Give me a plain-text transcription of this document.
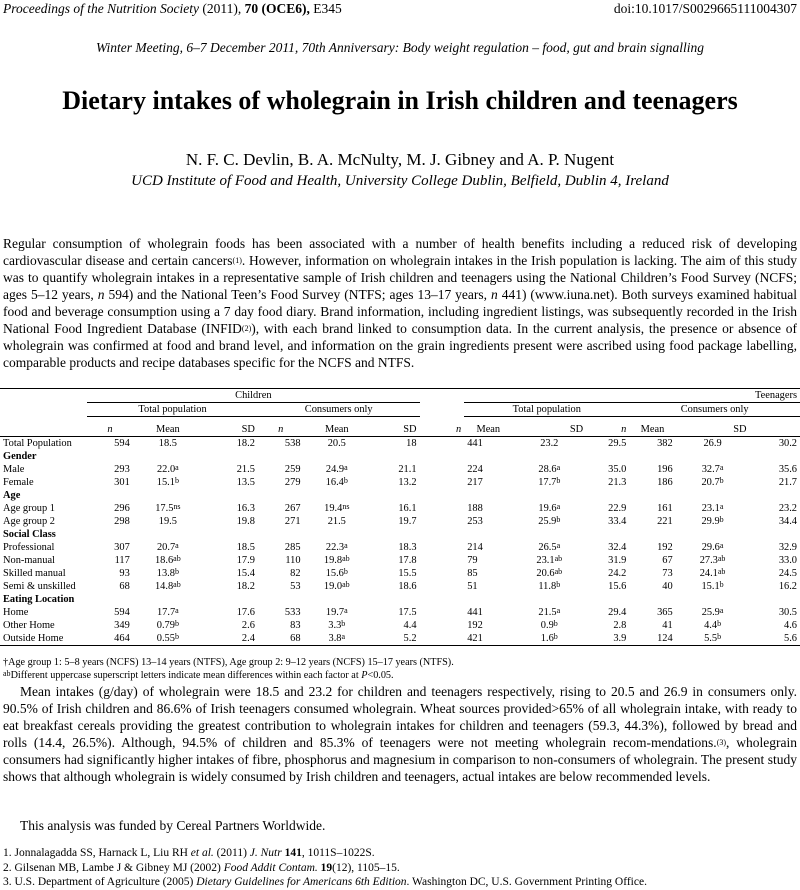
Proceedings of the Nutrition Society (2011), 70 (OCE6), E345	doi:10.1017/S0029665111004307
Winter Meeting, 6–7 December 2011, 70th Anniversary: Body weight regulation – food, gut and brain signalling
Dietary intakes of wholegrain in Irish children and teenagers
N. F. C. Devlin, B. A. McNulty, M. J. Gibney and A. P. Nugent
UCD Institute of Food and Health, University College Dublin, Belfield, Dublin 4, Ireland
Regular consumption of wholegrain foods has been associated with a number of health benefits including a reduced risk of developing cardiovascular disease and certain cancers$^{(1)}$. However, information on wholegrain intakes in the Irish population is lacking. The aim of this study was to quantify wholegrain intakes in a representative sample of Irish children and teenagers using the National Children’s Food Survey (NCFS; ages 5–12 years, n 594) and the National Teen’s Food Survey (NTFS; ages 13–17 years, n 441) (www.iuna.net). Both surveys examined habitual food and beverage consumption using a 7 day food diary. Brand information, including ingredient listings, was subsequently recorded in the Irish National Food Ingredient Database (INFID$^{(2)}$), with each brand linked to consumption data. In the current analysis, the presence or absence of wholegrain was confirmed at food and brand level, and information on the grain ingredients present were ascribed using food package labelling, comparable products and recipe databases specific for the NCFS and NTFS.
	Children							Teenagers					
	Total population			Consumers only				Total population			Consumers only		

	n	Mean	SD	n	Mean	SD	n	Mean	SD	n	Mean	SD	
Total Population	594	18.5	18.2	538	20.5	18		441	23.2	29.5	382	26.9	30.2
Gender													
Male	293	22.0$^a$	21.5	259	24.9$^a$	21.1		224	28.6$^a$	35.0	196	32.7$^a$	35.6
Female	301	15.1$^b$	13.5	279	16.4$^b$	13.2		217	17.7$^b$	21.3	186	20.7$^b$	21.7
Age													
Age group 1	296	$17.5^{ns}$	16.3	267	$19.4^{ns}$	16.1		188	19.6$^a$	22.9	161	23.1$^a$	23.2
Age group 2	298	19.5	19.8	271	21.5	19.7		253	25.9$^b$	33.4	221	29.9$^b$	34.4
Social Class													
Professional	307	20.7$^a$	18.5	285	22.3$^a$	18.3		214	26.5$^a$	32.4	192	29.6$^a$	32.9
Non-manual	117	18.6$^{ab}$	17.9	110	19.8$^{ab}$	17.8		79	23.1$^{ab}$	31.9	67	27.3$^{ab}$	33.0
Skilled manual	93	13.8$^b$	15.4	82	15.6$^b$	15.5		85	20.6$^{ab}$	24.2	73	24.1$^{ab}$	24.5
Semi & unskilled	68	14.8$^{ab}$	18.2	53	19.0$^{ab}$	18.6		51	11.8$^b$	15.6	40	15.1$^b$	16.2
Eating Location													
Home	594	17.7$^a$	17.6	533	19.7$^a$	17.5		441	21.5$^a$	29.4	365	25.9$^a$	30.5
Other Home	349	0.79$^b$	2.6	83	3.3$^b$	4.4		192	0.9$^b$	2.8	41	4.4$^b$	4.6
Outside Home	464	0.55$^b$	2.4	68	3.8$^a$	5.2		421	1.6$^b$	3.9	124	5.5$^b$	5.6
†Age group 1: 5–8 years (NCFS) 13–14 years (NTFS), Age group 2: 9–12 years (NCFS) 15–17 years (NTFS).
$^{ab}$Different uppercase superscript letters indicate mean differences within each factor at P<0.05.
Mean intakes (g/day) of wholegrain were 18.5 and 23.2 for children and teenagers respectively, rising to 20.5 and 26.9 in consumers only. 90.5% of Irish children and 86.6% of Irish teenagers consumed wholegrain. Wheat sources provided>65% of all wholegrain intake, with ready to eat breakfast cereals providing the greatest contribution to wholegrain intakes for children and teenagers (59.3, 44.3%), followed by bread and rolls (14.4, 26.5%). Although, 94.5% of children and 85.3% of teenagers were not meeting wholegrain recom-mendations.$^{(3)}$, wholegrain consumers had significantly higher intakes of fibre, phosphorus and magnesium in comparison to non-consumers of wholegrain. The present study shows that although wholegrain is widely consumed by Irish children and teenagers, actual intakes are below recommended levels.
This analysis was funded by Cereal Partners Worldwide.
1. Jonnalagadda SS, Harnack L, Liu RH et al. (2011) J. Nutr 141, 1011S–1022S.
2. Gilsenan MB, Lambe J & Gibney MJ (2002) Food Addit Contam. 19(12), 1105–15.
3. U.S. Department of Agriculture (2005) Dietary Guidelines for Americans 6th Edition. Washington DC, U.S. Government Printing Office.
